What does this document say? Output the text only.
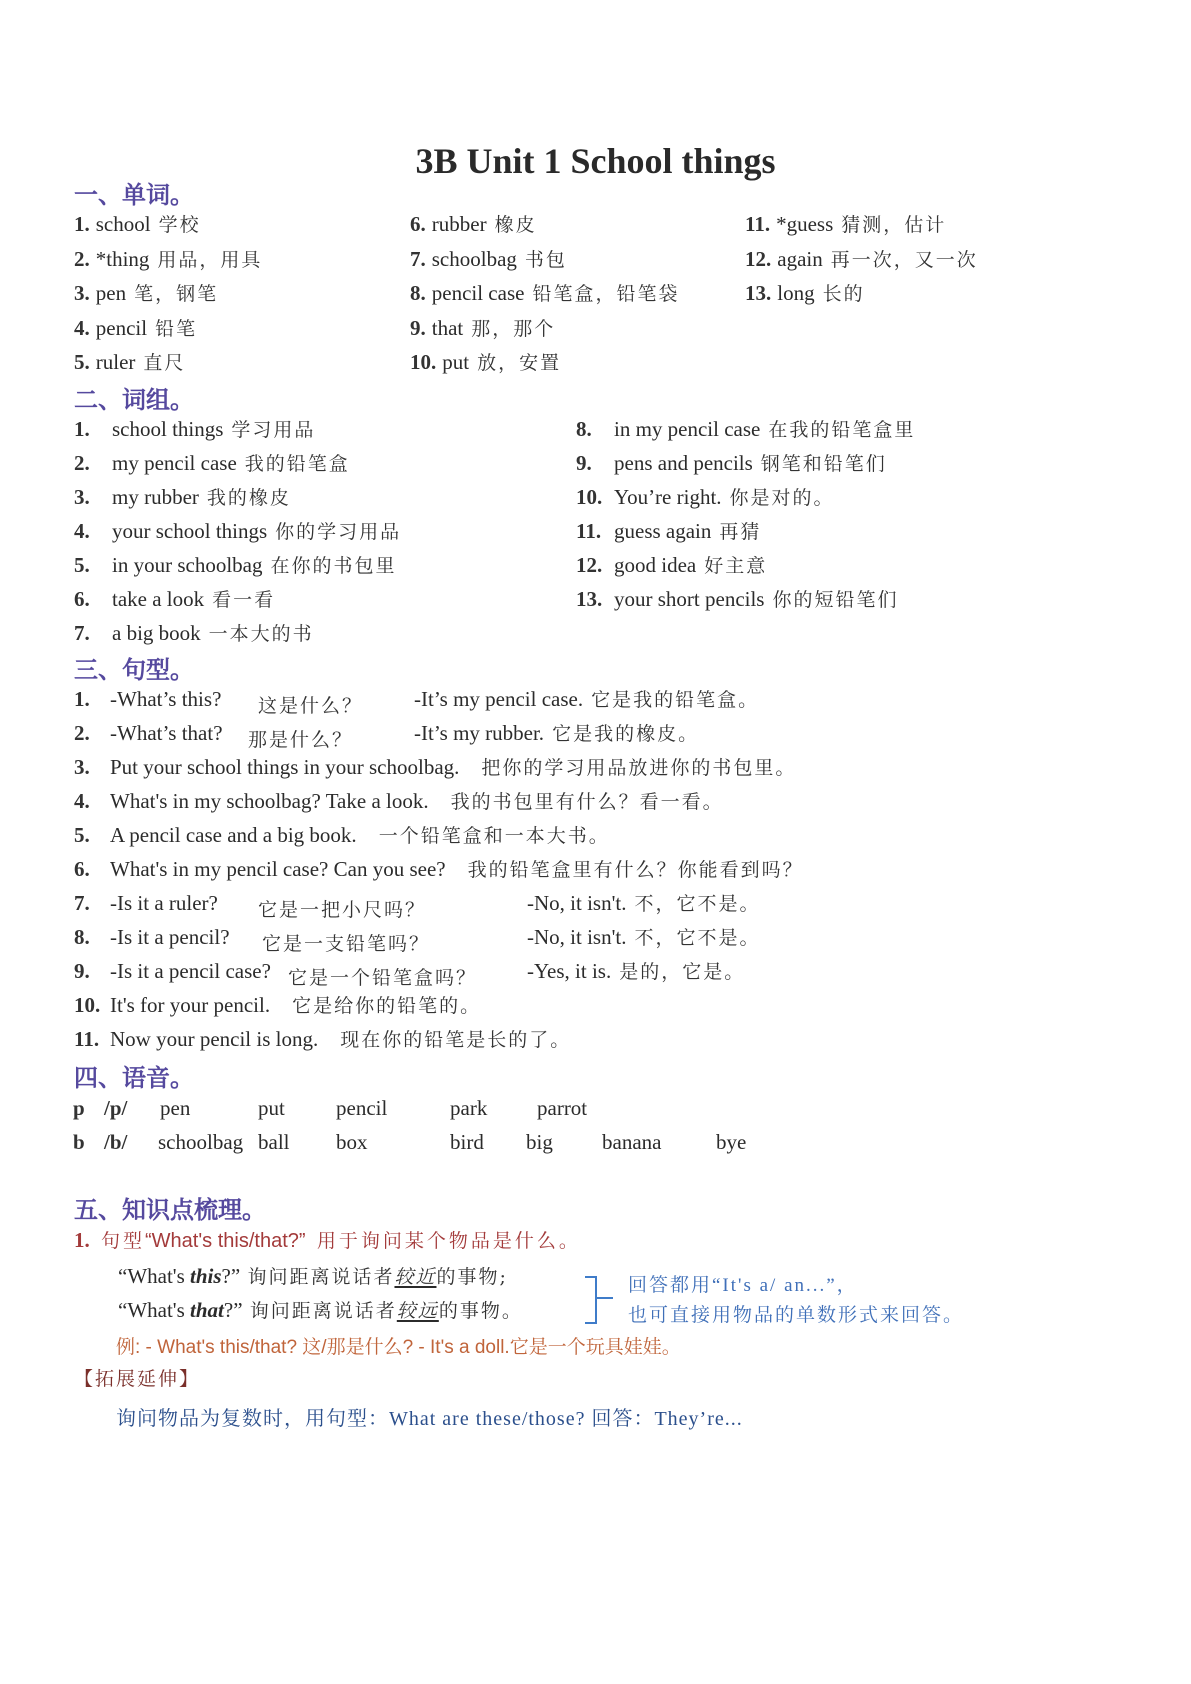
3B Unit 1 School things
一、单词。
1. school 学校
2. *thing 用品，用具
3. pen 笔，钢笔
4. pencil 铅笔
5. ruler 直尺
6. rubber 橡皮
7. schoolbag 书包
8. pencil case 铅笔盒，铅笔袋
9. that 那，那个
10. put 放，安置
11. *guess 猜测，估计
12. again 再一次，又一次
13. long 长的
二、词组。
1. school things 学习用品
2. my pencil case 我的铅笔盒
3. my rubber 我的橡皮
4. your school things 你的学习用品
5. in your schoolbag 在你的书包里
6. take a look 看一看
7. a big book 一本大的书
8. in my pencil case 在我的铅笔盒里
9. pens and pencils 钢笔和铅笔们
10. You’re right. 你是对的。
11. guess again 再猜
12. good idea 好主意
13. your short pencils 你的短铅笔们
三、句型。
1. -What’s this? 这是什么？ -It’s my pencil case. 它是我的铅笔盒。
2. -What’s that? 那是什么？	-It’s my rubber. 它是我的橡皮。
3. Put your school things in your schoolbag. 把你的学习用品放进你的书包里。
4. What's in my schoolbag? Take a look. 我的书包里有什么？看一看。
5. A pencil case and a big book. 一个铅笔盒和一本大书。
6. What's in my pencil case? Can you see? 我的铅笔盒里有什么？你能看到吗？
7. -Is it a ruler? 它是一把小尺吗？	-No, it isn't. 不，它不是。
8. -Is it a pencil? 它是一支铅笔吗？	-No, it isn't. 不，它不是。
9. -Is it a pencil case? 它是一个铅笔盒吗？ -Yes, it is. 是的，它是。
10. It's for your pencil. 它是给你的铅笔的。
11. Now your pencil is long. 现在你的铅笔是长的了。
四、语音。
p /p/ pen	put pencil	park parrot
b /b/ schoolbag ball box	bird big banana	bye
五、知识点梳理。
1. 句型“What's this/that?” 用于询问某个物品是什么。
“What's this?” 询问距离说话者较近的事物;
“What's that?” 询问距离说话者较远的事物。
回答都用“It's a/ an...”，
也可直接用物品的单数形式来回答。
例: - What's this/that? 这/那是什么? - It's a doll.它是一个玩具娃娃。
【拓展延伸】
询问物品为复数时，用句型：What are these/those? 回答：They’re...
